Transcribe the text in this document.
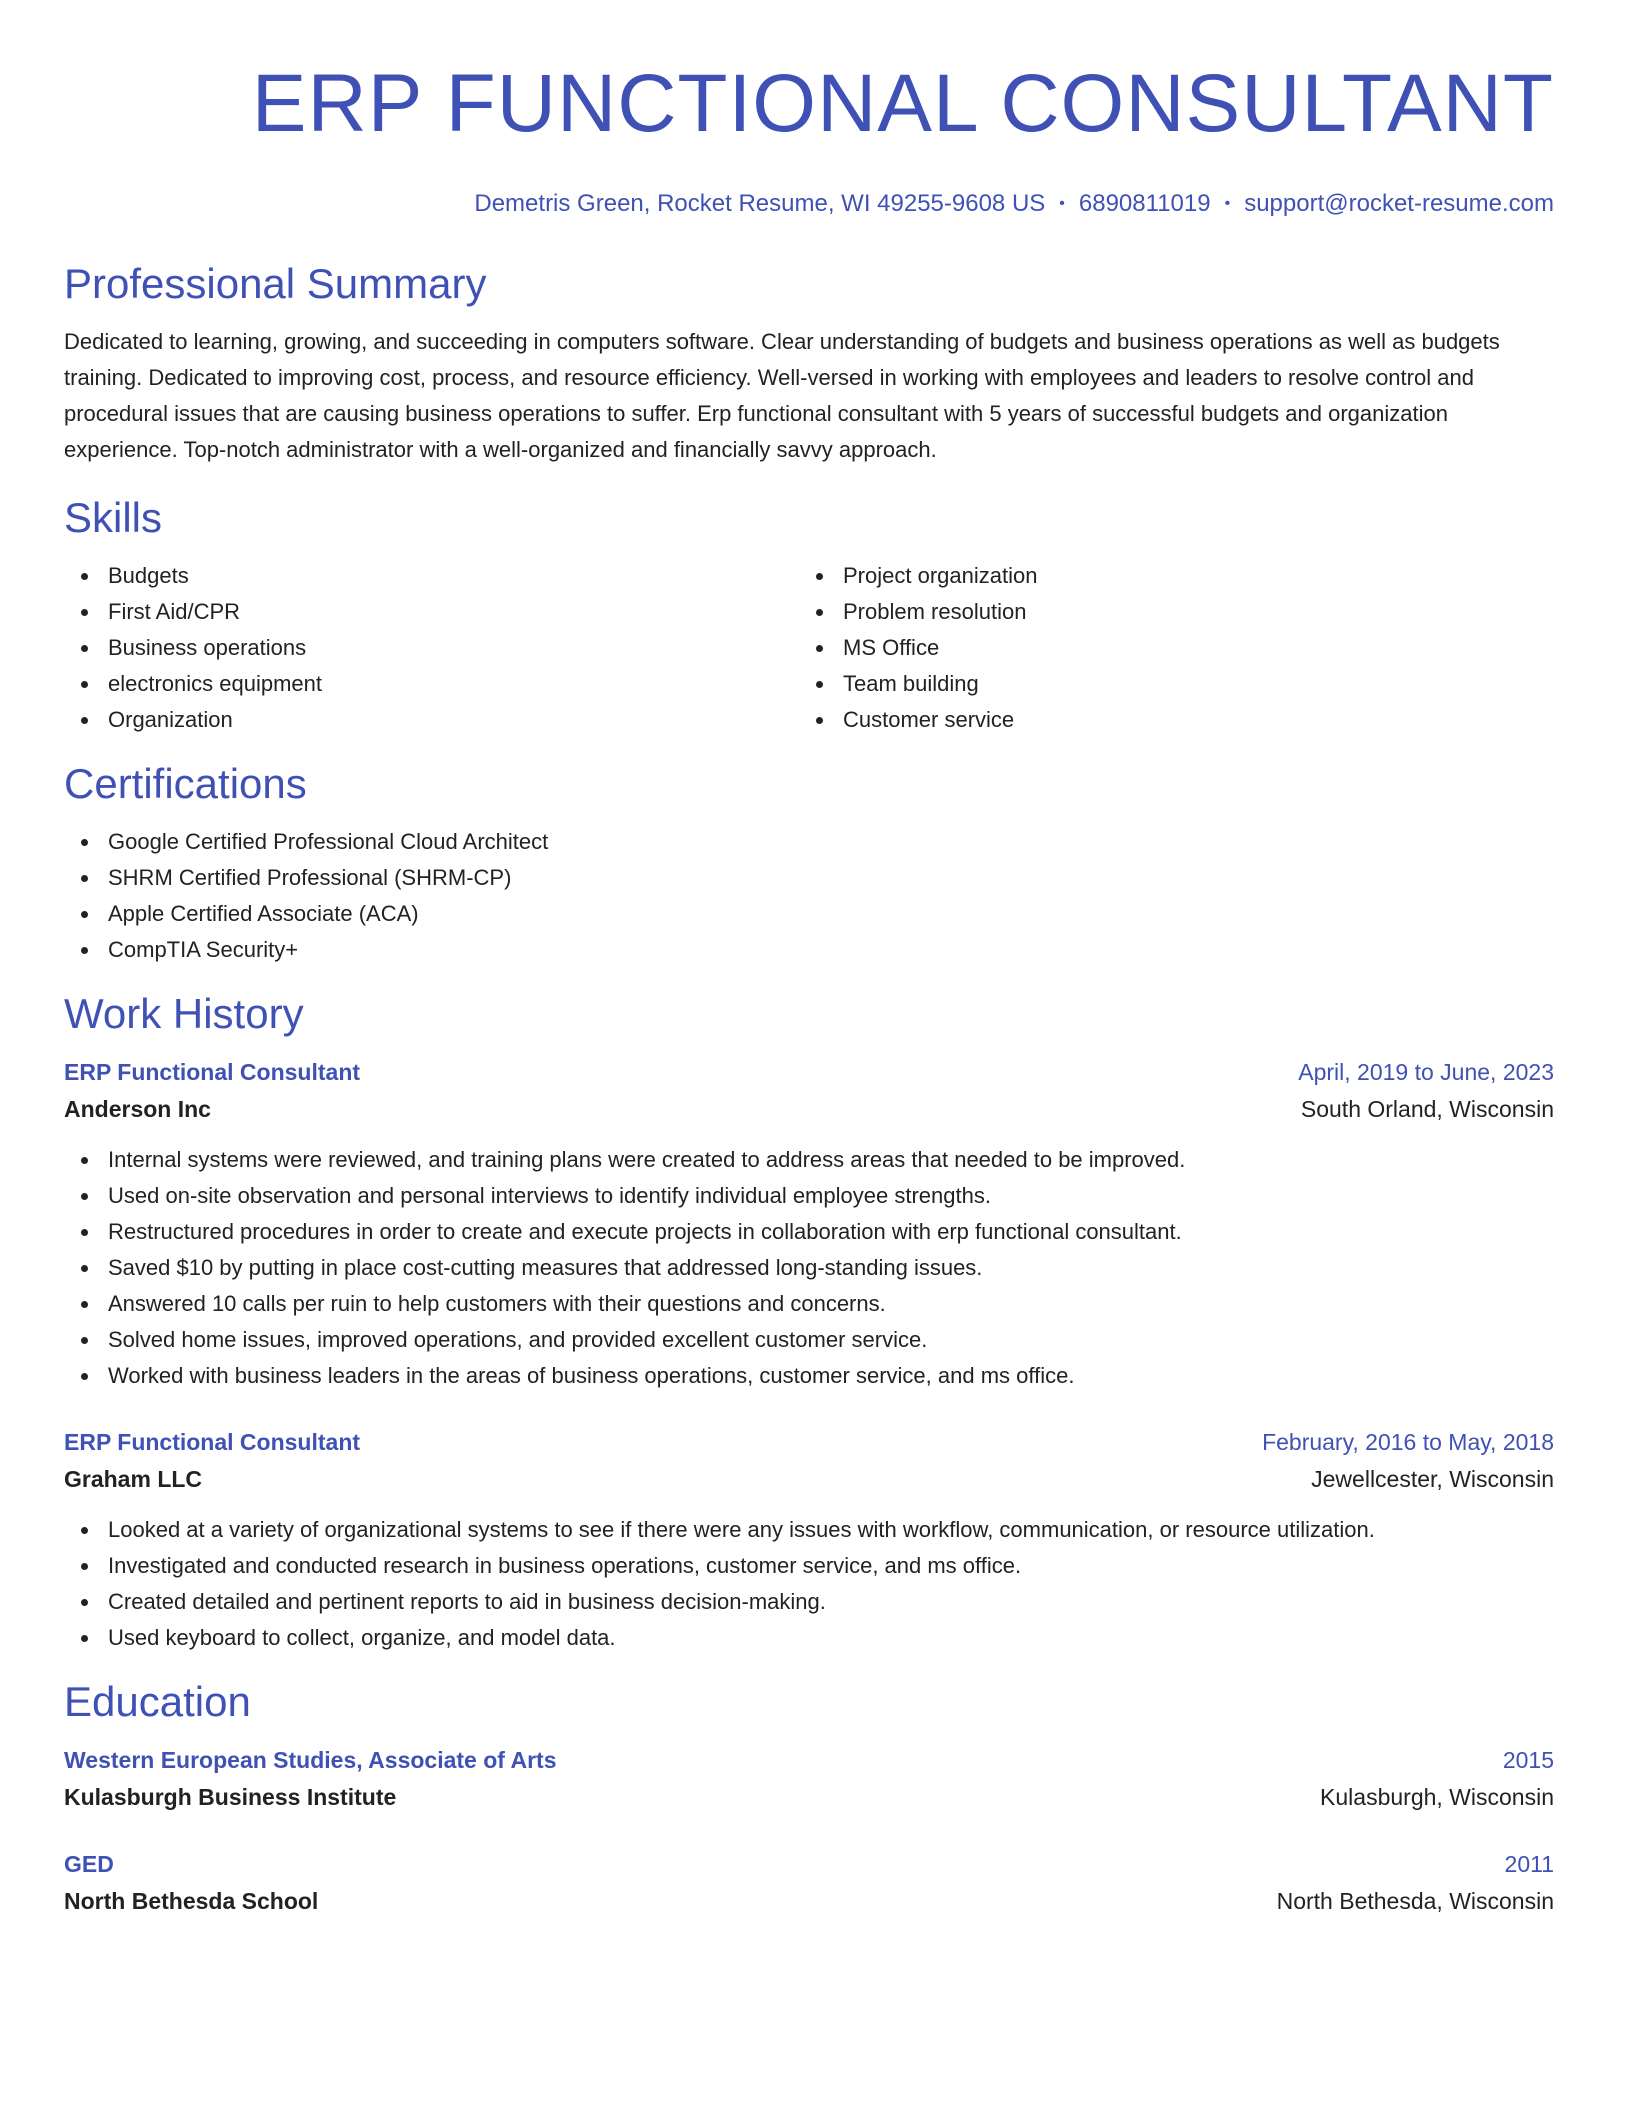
ERP FUNCTIONAL CONSULTANT
Demetris Green, Rocket Resume, WI 49255-9608 US • 6890811019 • support@rocket-resume.com
Professional Summary
Dedicated to learning, growing, and succeeding in computers software. Clear understanding of budgets and business operations as well as budgets training. Dedicated to improving cost, process, and resource efficiency. Well-versed in working with employees and leaders to resolve control and procedural issues that are causing business operations to suffer. Erp functional consultant with 5 years of successful budgets and organization experience. Top-notch administrator with a well-organized and financially savvy approach.
Skills
Budgets
First Aid/CPR
Business operations
electronics equipment
Organization
Project organization
Problem resolution
MS Office
Team building
Customer service
Certifications
Google Certified Professional Cloud Architect
SHRM Certified Professional (SHRM-CP)
Apple Certified Associate (ACA)
CompTIA Security+
Work History
ERP Functional Consultant	April, 2019 to June, 2023
Anderson Inc	South Orland, Wisconsin
Internal systems were reviewed, and training plans were created to address areas that needed to be improved.
Used on-site observation and personal interviews to identify individual employee strengths.
Restructured procedures in order to create and execute projects in collaboration with erp functional consultant.
Saved $10 by putting in place cost-cutting measures that addressed long-standing issues.
Answered 10 calls per ruin to help customers with their questions and concerns.
Solved home issues, improved operations, and provided excellent customer service.
Worked with business leaders in the areas of business operations, customer service, and ms office.
ERP Functional Consultant	February, 2016 to May, 2018
Graham LLC	Jewellcester, Wisconsin
Looked at a variety of organizational systems to see if there were any issues with workflow, communication, or resource utilization.
Investigated and conducted research in business operations, customer service, and ms office.
Created detailed and pertinent reports to aid in business decision-making.
Used keyboard to collect, organize, and model data.
Education
Western European Studies, Associate of Arts	2015
Kulasburgh Business Institute	Kulasburgh, Wisconsin
GED	2011
North Bethesda School	North Bethesda, Wisconsin
